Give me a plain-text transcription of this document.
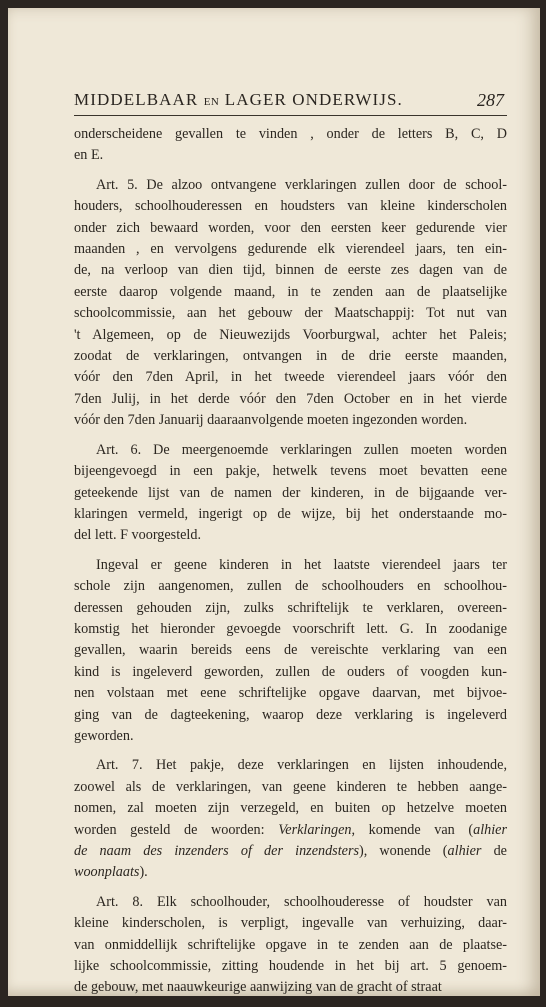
MIDDELBAAR EN LAGER ONDERWIJS.	287

onderscheidene gevallen te vinden , onder de letters B, C, D
en E.

Art. 5. De alzoo ontvangene verklaringen zullen door de school-
houders, schoolhouderessen en houdsters van kleine kinderscholen
onder zich bewaard worden, voor den eersten keer gedurende vier
maanden , en vervolgens gedurende elk vierendeel jaars, ten ein-
de, na verloop van dien tijd, binnen de eerste zes dagen van de
eerste daarop volgende maand, in te zenden aan de plaatselijke
schoolcommissie, aan het gebouw der Maatschappij: Tot nut van
't Algemeen, op de Nieuwezijds Voorburgwal, achter het Paleis;
zoodat de verklaringen, ontvangen in de drie eerste maanden,
vóór den 7den April, in het tweede vierendeel jaars vóór den
7den Julij, in het derde vóór den 7den October en in het vierde
vóór den 7den Januarij daaraanvolgende moeten ingezonden worden.

Art. 6. De meergenoemde verklaringen zullen moeten worden
bijeengevoegd in een pakje, hetwelk tevens moet bevatten eene
geteekende lijst van de namen der kinderen, in de bijgaande ver-
klaringen vermeld, ingerigt op de wijze, bij het onderstaande mo-
del lett. F voorgesteld.

Ingeval er geene kinderen in het laatste vierendeel jaars ter
schole zijn aangenomen, zullen de schoolhouders en schoolhou-
deressen gehouden zijn, zulks schriftelijk te verklaren, overeen-
komstig het hieronder gevoegde voorschrift lett. G. In zoodanige
gevallen, waarin bereids eens de vereischte verklaring van een
kind is ingeleverd geworden, zullen de ouders of voogden kun-
nen volstaan met eene schriftelijke opgave daarvan, met bijvoe-
ging van de dagteekening, waarop deze verklaring is ingeleverd
geworden.

Art. 7. Het pakje, deze verklaringen en lijsten inhoudende,
zoowel als de verklaringen, van geene kinderen te hebben aange-
nomen, zal moeten zijn verzegeld, en buiten op hetzelve moeten
worden gesteld de woorden: Verklaringen, komende van (alhier
de naam des inzenders of der inzendsters), wonende (alhier de
woonplaats).

Art. 8. Elk schoolhouder, schoolhouderesse of houdster van
kleine kinderscholen, is verpligt, ingevalle van verhuizing, daar-
van onmiddellijk schriftelijke opgave in te zenden aan de plaatse-
lijke schoolcommissie, zitting houdende in het bij art. 5 genoem-
de gebouw, met naauwkeurige aanwijzing van de gracht of straat
